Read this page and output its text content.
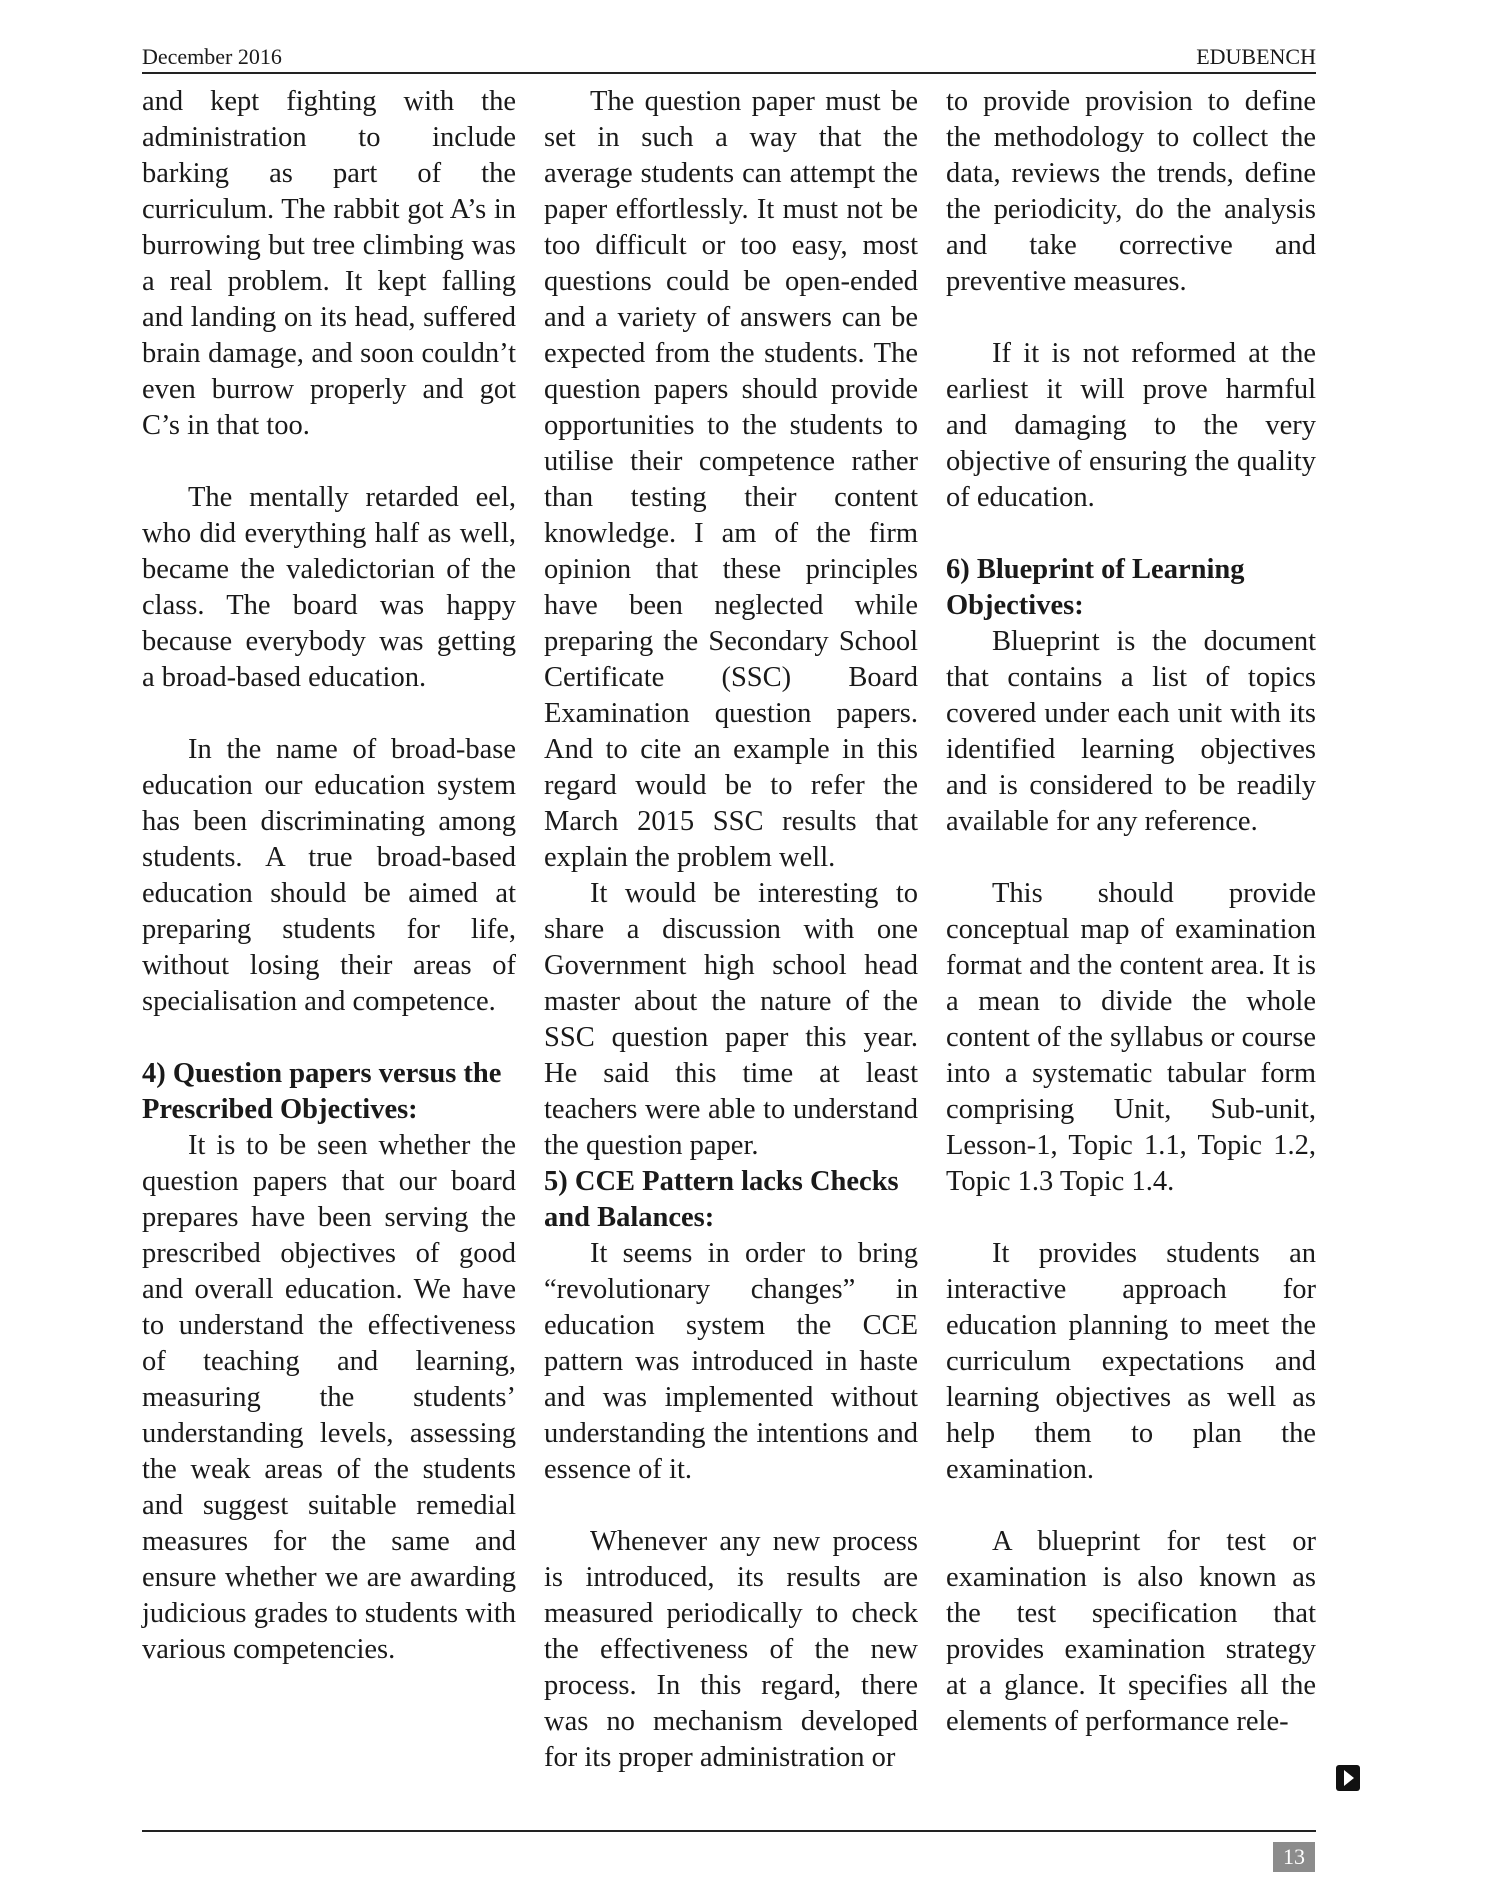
December 2016	EDUBENCH

and kept fighting with the administration to include barking as part of the curriculum. The rabbit got A’s in burrowing but tree climbing was a real problem. It kept falling and landing on its head, suffered brain damage, and soon couldn’t even burrow properly and got C’s in that too.

The mentally retarded eel, who did everything half as well, became the valedictorian of the class. The board was happy because everybody was getting a broad-based education.

In the name of broad-base education our education system has been discriminating among students. A true broad-based education should be aimed at preparing students for life, without losing their areas of specialisation and competence.

4) Question papers versus the Prescribed Objectives:

It is to be seen whether the question papers that our board prepares have been serving the prescribed objectives of good and overall education. We have to understand the effectiveness of teaching and learning, measuring the students’ understanding levels, assessing the weak areas of the students and suggest suitable remedial measures for the same and ensure whether we are awarding judicious grades to students with various competencies.

The question paper must be set in such a way that the average students can attempt the paper effortlessly. It must not be too difficult or too easy, most questions could be open-ended and a variety of answers can be expected from the students. The question papers should provide opportunities to the students to utilise their competence rather than testing their content knowledge. I am of the firm opinion that these principles have been neglected while preparing the Secondary School Certificate (SSC) Board Examination question papers. And to cite an example in this regard would be to refer the March 2015 SSC results that explain the problem well.

It would be interesting to share a discussion with one Government high school head master about the nature of the SSC question paper this year. He said this time at least teachers were able to understand the question paper.

5) CCE Pattern lacks Checks and Balances:

It seems in order to bring “revolutionary changes” in education system the CCE pattern was introduced in haste and was implemented without understanding the intentions and essence of it.

Whenever any new process is introduced, its results are measured periodically to check the effectiveness of the new process. In this regard, there was no mechanism developed for its proper administration or

to provide provision to define the methodology to collect the data, reviews the trends, define the periodicity, do the analysis and take corrective and preventive measures.

If it is not reformed at the earliest it will prove harmful and damaging to the very objective of ensuring the quality of education.

6) Blueprint of Learning Objectives:

Blueprint is the document that contains a list of topics covered under each unit with its identified learning objectives and is considered to be readily available for any reference.

This should provide conceptual map of examination format and the content area. It is a mean to divide the whole content of the syllabus or course into a systematic tabular form comprising Unit, Sub-unit, Lesson-1, Topic 1.1, Topic 1.2, Topic 1.3 Topic 1.4.

It provides students an interactive approach for education planning to meet the curriculum expectations and learning objectives as well as help them to plan the examination.

A blueprint for test or examination is also known as the test specification that provides examination strategy at a glance. It specifies all the elements of performance rele-

13
